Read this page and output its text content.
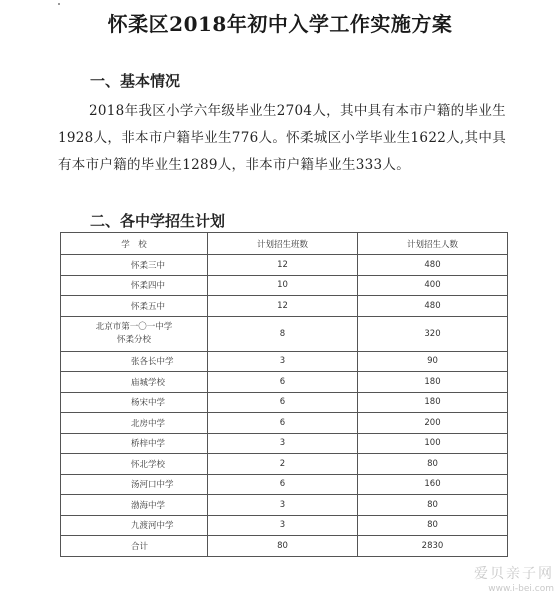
怀柔区2018年初中入学工作实施方案
一、基本情况
2018年我区小学六年级毕业生2704人，其中具有本市户籍的毕业生1928人，非本市户籍毕业生776人。怀柔城区小学毕业生1622人,其中具有本市户籍的毕业生1289人，非本市户籍毕业生333人。
二、各中学招生计划
学　校	计划招生班数	计划招生人数
怀柔三中	12	480
怀柔四中	10	400
怀柔五中	12	480
北京市第一〇一中学
怀柔分校	8	320
张各长中学	3	90
庙城学校	6	180
杨宋中学	6	180
北房中学	6	200
桥梓中学	3	100
怀北学校	2	80
汤河口中学	6	160
渤海中学	3	80
九渡河中学	3	80
合计	80	2830
爱贝亲子网
www.i-bei.com
